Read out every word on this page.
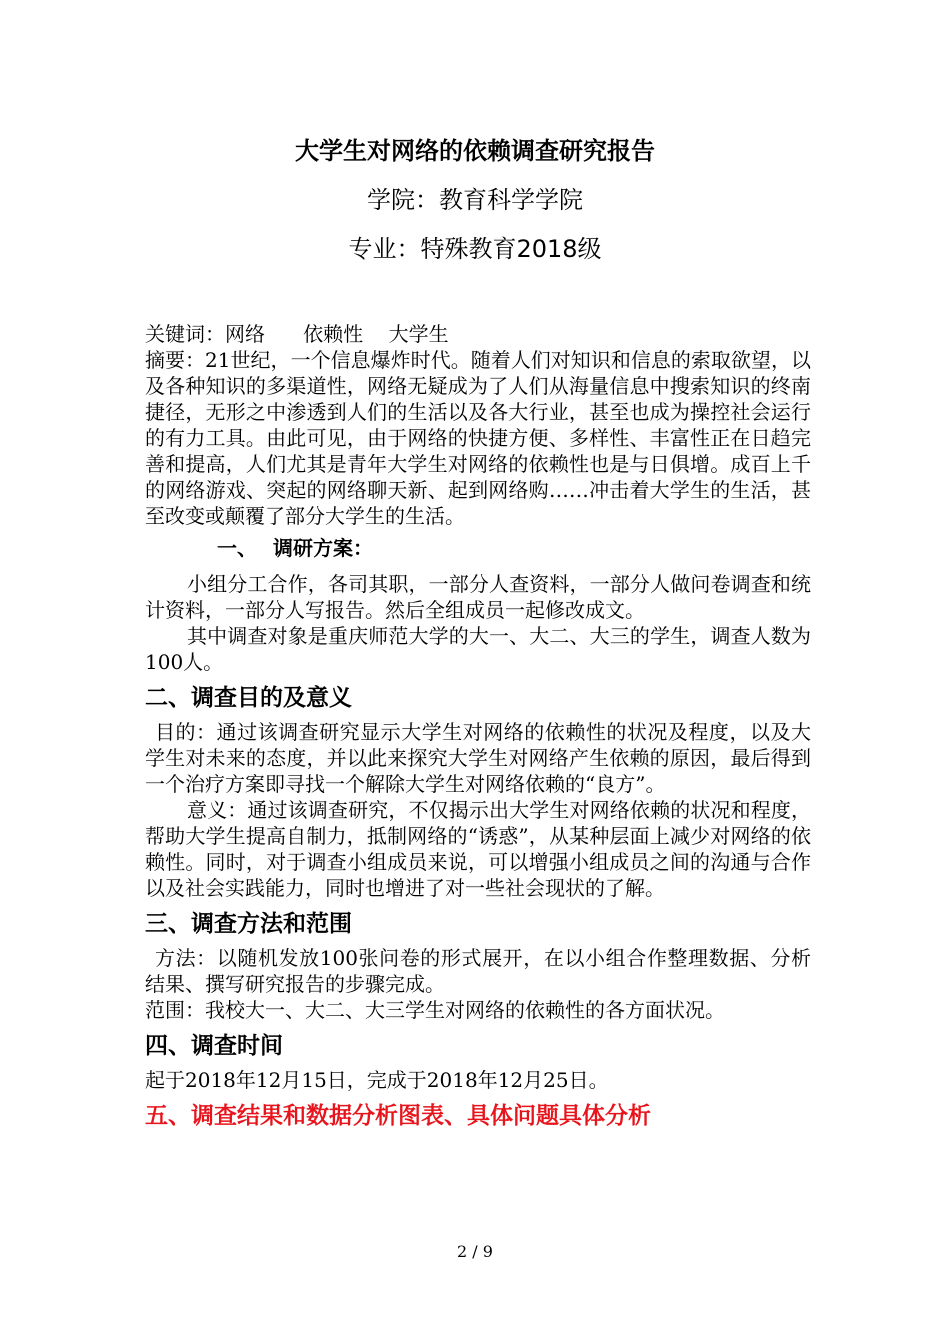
大学生对网络的依赖调查研究报告
学院：教育科学学院
专业：特殊教育2018级

关键词：网络 依赖性 大学生

摘要：21世纪，一个信息爆炸时代。随着人们对知识和信息的索取欲望，以及各种知识的多渠道性，网络无疑成为了人们从海量信息中搜索知识的终南捷径，无形之中渗透到人们的生活以及各大行业，甚至也成为操控社会运行的有力工具。由此可见，由于网络的快捷方便、多样性、丰富性正在日趋完善和提高，人们尤其是青年大学生对网络的依赖性也是与日俱增。成百上千的网络游戏、突起的网络聊天新、起到网络购……冲击着大学生的生活，甚至改变或颠覆了部分大学生的生活。

一、 调研方案：

小组分工合作，各司其职，一部分人查资料，一部分人做问卷调查和统计资料，一部分人写报告。然后全组成员一起修改成文。

其中调查对象是重庆师范大学的大一、大二、大三的学生，调查人数为100人。

二、调查目的及意义

目的：通过该调查研究显示大学生对网络的依赖性的状况及程度，以及大学生对未来的态度，并以此来探究大学生对网络产生依赖的原因，最后得到一个治疗方案即寻找一个解除大学生对网络依赖的“良方”。

意义：通过该调查研究，不仅揭示出大学生对网络依赖的状况和程度，帮助大学生提高自制力，抵制网络的“诱惑”，从某种层面上减少对网络的依赖性。同时，对于调查小组成员来说，可以增强小组成员之间的沟通与合作以及社会实践能力，同时也增进了对一些社会现状的了解。

三、调查方法和范围

方法：以随机发放100张问卷的形式展开，在以小组合作整理数据、分析结果、撰写研究报告的步骤完成。

范围：我校大一、大二、大三学生对网络的依赖性的各方面状况。

四、调查时间

起于2018年12月15日，完成于2018年12月25日。

五、调查结果和数据分析图表、具体问题具体分析
2 / 9
